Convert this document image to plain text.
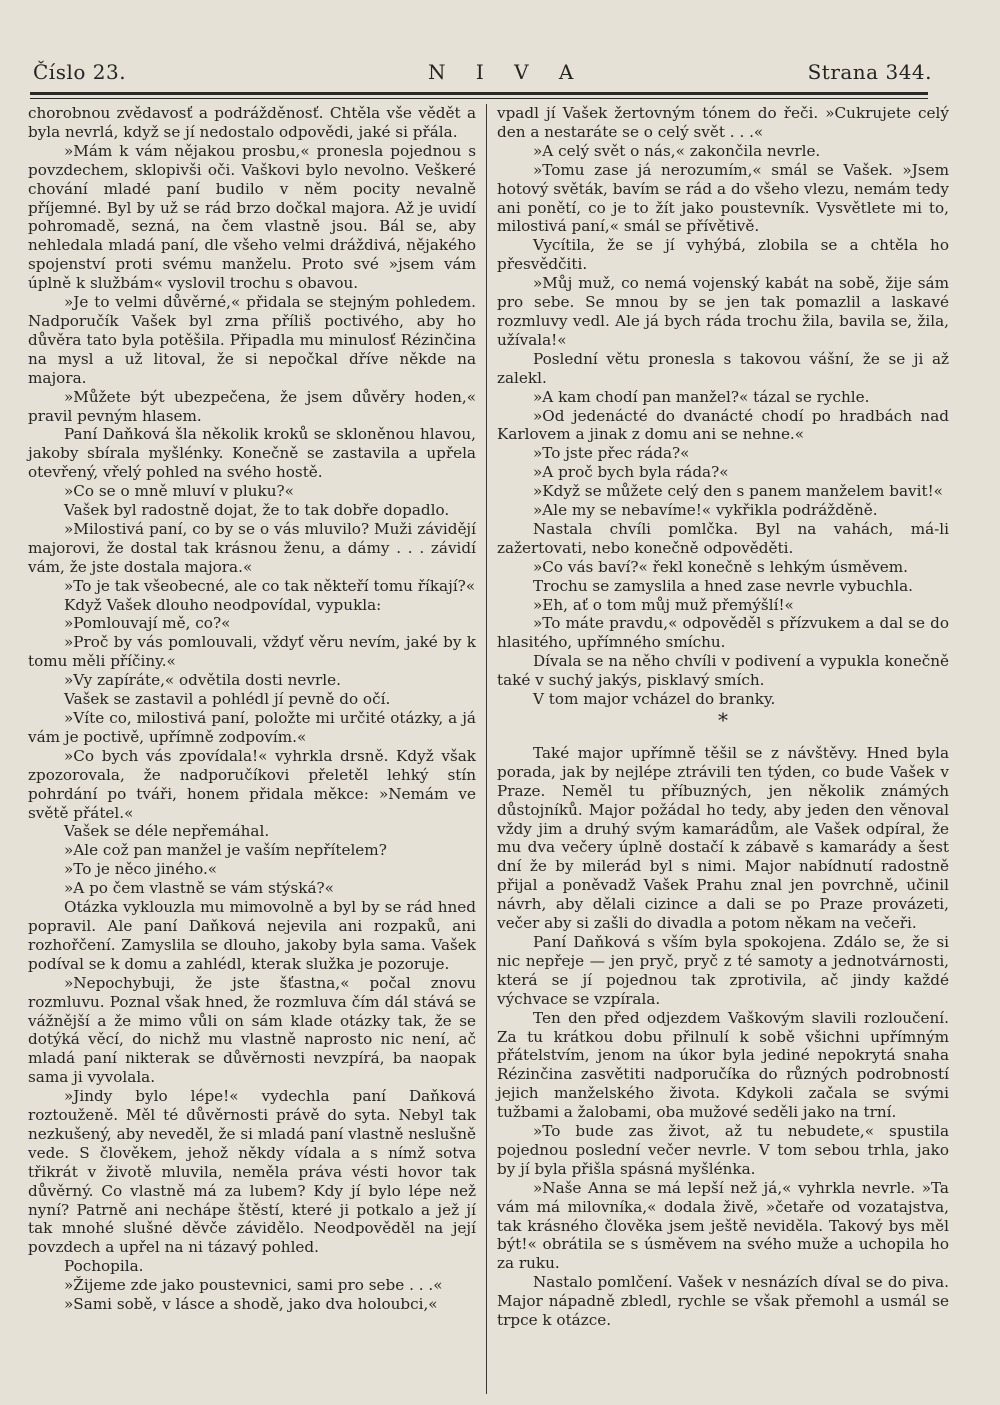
Číslo 23.	N I V A	Strana 344.

chorobnou zvědavosť a podrážděnosť. Chtěla vše vědět a byla nevrlá, když se jí nedostalo odpovědi, jaké si přála.

»Mám k vám nějakou prosbu,« pronesla pojednou s povzdechem, sklopivši oči. Vaškovi bylo nevolno. Veškeré chování mladé paní budilo v něm pocity nevalně příjemné. Byl by už se rád brzo dočkal majora. Až je uvidí pohromadě, sezná, na čem vlastně jsou. Bál se, aby nehledala mladá paní, dle všeho velmi dráždivá, nějakého spojenství proti svému manželu. Proto své »jsem vám úplně k službám« vyslovil trochu s obavou.

»Je to velmi důvěrné,« přidala se stejným pohledem. Nadporučík Vašek byl zrna příliš poctivého, aby ho důvěra tato byla potěšila. Připadla mu minulosť Rézinčina na mysl a už litoval, že si nepočkal dříve někde na majora.

»Můžete být ubezpečena, že jsem důvěry hoden,« pravil pevným hlasem.

Paní Daňková šla několik kroků se skloněnou hlavou, jakoby sbírala myšlénky. Konečně se zastavila a upřela otevřený, vřelý pohled na svého hostě.

»Co se o mně mluví v pluku?«

Vašek byl radostně dojat, že to tak dobře dopadlo.

»Milostivá paní, co by se o vás mluvilo? Muži závidějí majorovi, že dostal tak krásnou ženu, a dámy . . . závidí vám, že jste dostala majora.«

»To je tak všeobecné, ale co tak někteří tomu říkají?«

Když Vašek dlouho neodpovídal, vypukla:

»Pomlouvají mě, co?«

»Proč by vás pomlouvali, vždyť věru nevím, jaké by k tomu měli příčiny.«

»Vy zapíráte,« odvětila dosti nevrle.

Vašek se zastavil a pohlédl jí pevně do očí.

»Víte co, milostivá paní, položte mi určité otázky, a já vám je poctivě, upřímně zodpovím.«

»Co bych vás zpovídala!« vyhrkla drsně. Když však zpozorovala, že nadporučíkovi přeletěl lehký stín pohrdání po tváři, honem přidala měkce: »Nemám ve světě přátel.«

Vašek se déle nepřemáhal.

»Ale což pan manžel je vaším nepřítelem?

»To je něco jiného.«

»A po čem vlastně se vám stýská?«

Otázka vyklouzla mu mimovolně a byl by se rád hned popravil. Ale paní Daňková nejevila ani rozpaků, ani rozhořčení. Zamyslila se dlouho, jakoby byla sama. Vašek podíval se k domu a zahlédl, kterak služka je pozoruje.

»Nepochybuji, že jste šťastna,« počal znovu rozmluvu. Poznal však hned, že rozmluva čím dál stává se vážnější a že mimo vůli on sám klade otázky tak, že se dotýká věcí, do nichž mu vlastně naprosto nic není, ač mladá paní nikterak se důvěrnosti nevzpírá, ba naopak sama ji vyvolala.

»Jindy bylo lépe!« vydechla paní Daňková roztouženě. Měl té důvěrnosti právě do syta. Nebyl tak nezkušený, aby neveděl, že si mladá paní vlastně neslušně vede. S člověkem, jehož někdy vídala a s nímž sotva třikrát v životě mluvila, neměla práva vésti hovor tak důvěrný. Co vlastně má za lubem? Kdy jí bylo lépe než nyní? Patrně ani nechápe štěstí, které ji potkalo a jež jí tak mnohé slušné děvče závidělo. Neodpověděl na její povzdech a upřel na ni tázavý pohled.

Pochopila.

»Žijeme zde jako poustevnici, sami pro sebe . . .«

»Sami sobě, v lásce a shodě, jako dva holoubci,«

vpadl jí Vašek žertovným tónem do řeči. »Cukrujete celý den a nestaráte se o celý svět . . .«

»A celý svět o nás,« zakončila nevrle.

»Tomu zase já nerozumím,« smál se Vašek. »Jsem hotový světák, bavím se rád a do všeho vlezu, nemám tedy ani ponětí, co je to žít jako poustevník. Vysvětlete mi to, milostivá paní,« smál se přívětivě.

Vycítila, že se jí vyhýbá, zlobila se a chtěla ho přesvědčiti.

»Můj muž, co nemá vojenský kabát na sobě, žije sám pro sebe. Se mnou by se jen tak pomazlil a laskavé rozmluvy vedl. Ale já bych ráda trochu žila, bavila se, žila, užívala!«

Poslední větu pronesla s takovou vášní, že se ji až zalekl.

»A kam chodí pan manžel?« tázal se rychle.

»Od jedenácté do dvanácté chodí po hradbách nad Karlovem a jinak z domu ani se nehne.«

»To jste přec ráda?«

»A proč bych byla ráda?«

»Když se můžete celý den s panem manželem bavit!«

»Ale my se nebavíme!« vykřikla podrážděně.

Nastala chvíli pomlčka. Byl na vahách, má-li zažertovati, nebo konečně odpověděti.

»Co vás baví?« řekl konečně s lehkým úsměvem.

Trochu se zamyslila a hned zase nevrle vybuchla.

»Eh, ať o tom můj muž přemýšlí!«

»To máte pravdu,« odpověděl s přízvukem a dal se do hlasitého, upřímného smíchu.

Dívala se na něho chvíli v podivení a vypukla konečně také v suchý jakýs, pisklavý smích.

V tom major vcházel do branky.

*

Také major upřímně těšil se z návštěvy. Hned byla porada, jak by nejlépe ztrávili ten týden, co bude Vašek v Praze. Neměl tu příbuzných, jen několik známých důstojníků. Major požádal ho tedy, aby jeden den věnoval vždy jim a druhý svým kamarádům, ale Vašek odpíral, že mu dva večery úplně dostačí k zábavě s kamarády a šest dní že by milerád byl s nimi. Major nabídnutí radostně přijal a poněvadž Vašek Prahu znal jen povrchně, učinil návrh, aby dělali cizince a dali se po Praze provázeti, večer aby si zašli do divadla a potom někam na večeři.

Paní Daňková s vším byla spokojena. Zdálo se, že si nic nepřeje — jen pryč, pryč z té samoty a jednotvárnosti, která se jí pojednou tak zprotivila, ač jindy každé výchvace se vzpírala.

Ten den před odjezdem Vaškovým slavili rozloučení. Za tu krátkou dobu přilnulí k sobě všichni upřímným přátelstvím, jenom na úkor byla jediné nepokrytá snaha Rézinčina zasvětiti nadporučíka do různých podrobností jejich manželského života. Kdykoli začala se svými tužbami a žalobami, oba mužové seděli jako na trní.

»To bude zas život, až tu nebudete,« spustila pojednou poslední večer nevrle. V tom sebou trhla, jako by jí byla přišla spásná myšlénka.

»Naše Anna se má lepší než já,« vyhrkla nevrle. »Ta vám má milovníka,« dodala živě, »četaře od vozatajstva, tak krásného člověka jsem ještě neviděla. Takový bys měl být!« obrátila se s úsměvem na svého muže a uchopila ho za ruku.

Nastalo pomlčení. Vašek v nesnázích díval se do piva. Major nápadně zbledl, rychle se však přemohl a usmál se trpce k otázce.
